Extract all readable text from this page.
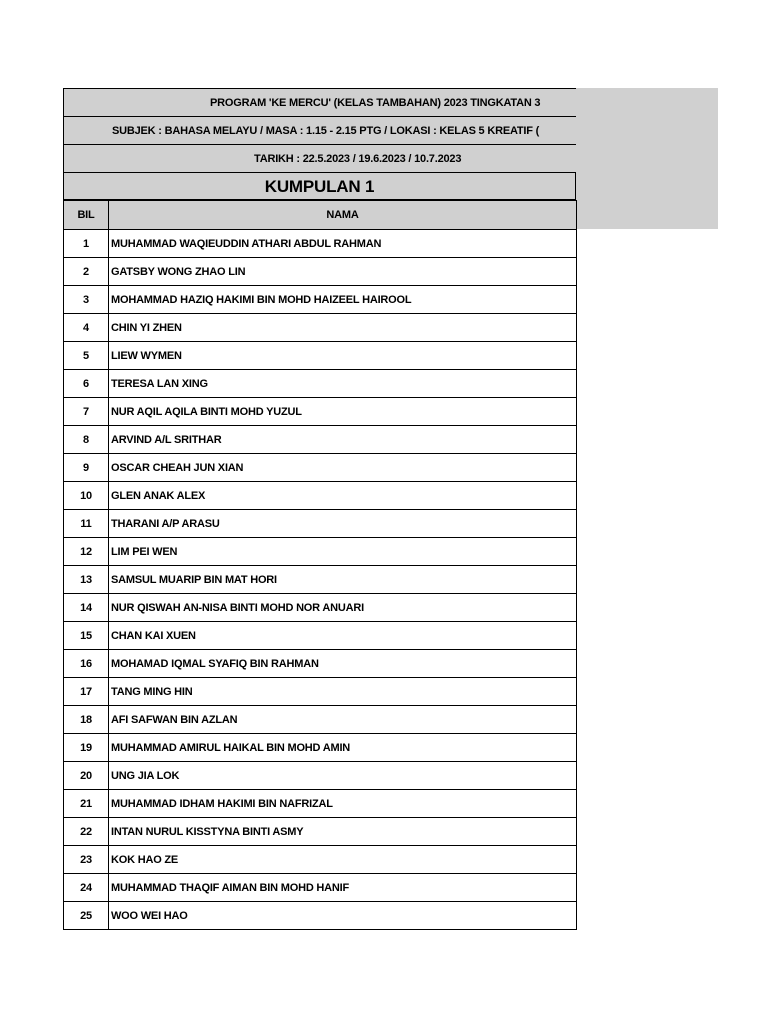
PROGRAM 'KE MERCU' (KELAS TAMBAHAN) 2023 TINGKATAN 3
SUBJEK : BAHASA MELAYU / MASA : 1.15 - 2.15 PTG / LOKASI : KELAS 5 KREATIF (
TARIKH : 22.5.2023 / 19.6.2023 / 10.7.2023
KUMPULAN 1
BIL	NAMA
1	MUHAMMAD WAQIEUDDIN ATHARI ABDUL RAHMAN
2	GATSBY WONG ZHAO LIN
3	MOHAMMAD HAZIQ HAKIMI BIN MOHD HAIZEEL HAIROOL
4	CHIN YI ZHEN
5	LIEW WYMEN
6	TERESA LAN XING
7	NUR AQIL AQILA BINTI MOHD YUZUL
8	ARVIND A/L SRITHAR
9	OSCAR CHEAH JUN XIAN
10	GLEN ANAK ALEX
11	THARANI A/P ARASU
12	LIM PEI WEN
13	SAMSUL MUARIP BIN MAT HORI
14	NUR QISWAH AN-NISA BINTI MOHD NOR ANUARI
15	CHAN KAI XUEN
16	MOHAMAD IQMAL SYAFIQ BIN RAHMAN
17	TANG MING HIN
18	AFI SAFWAN BIN AZLAN
19	MUHAMMAD AMIRUL HAIKAL BIN MOHD AMIN
20	UNG JIA LOK
21	MUHAMMAD IDHAM HAKIMI BIN NAFRIZAL
22	INTAN NURUL KISSTYNA BINTI ASMY
23	KOK HAO ZE
24	MUHAMMAD THAQIF AIMAN BIN MOHD HANIF
25	WOO WEI HAO
